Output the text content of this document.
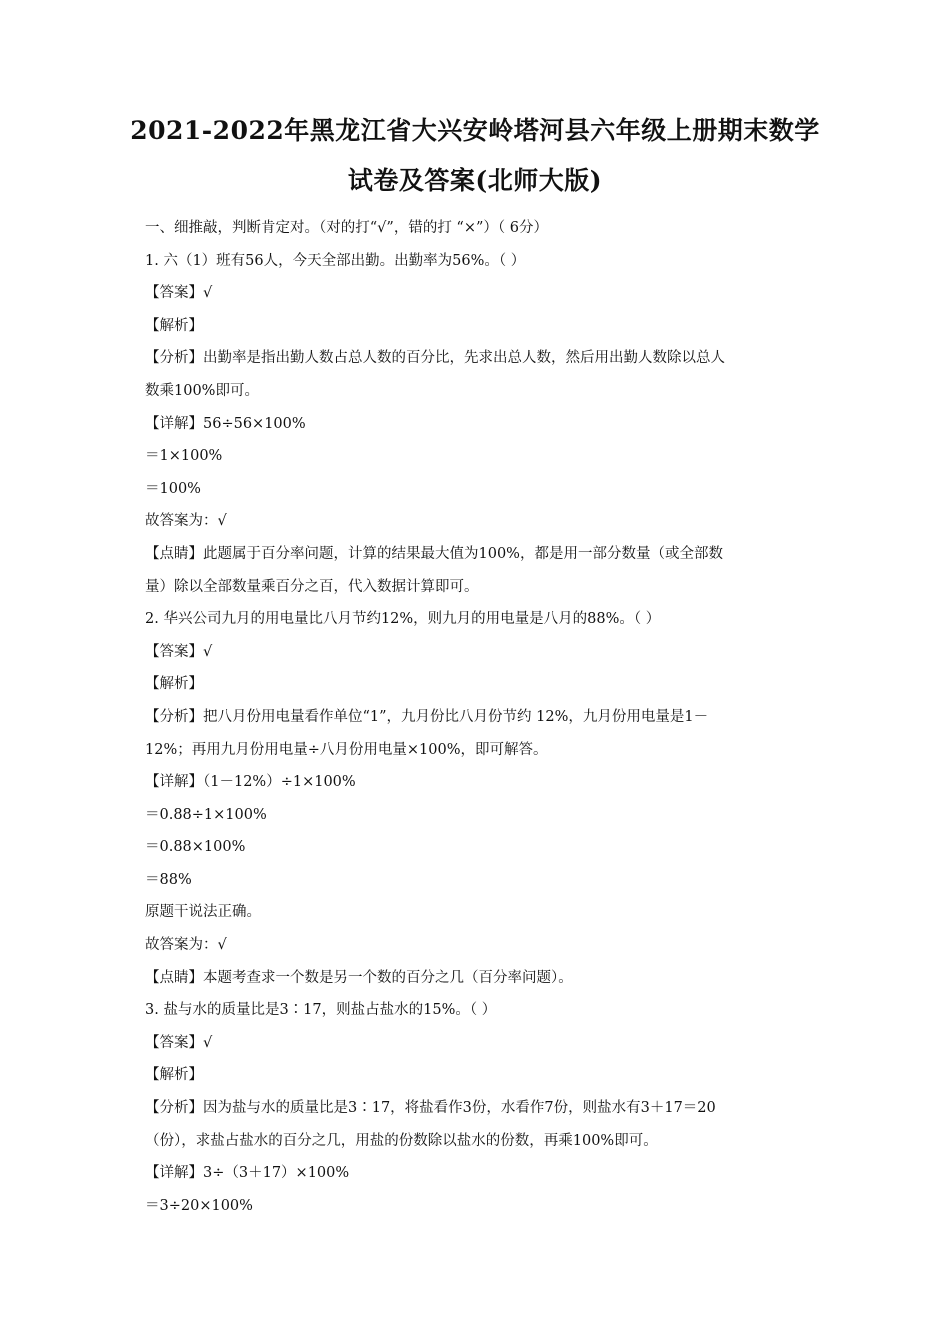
2021-2022年黑龙江省大兴安岭塔河县六年级上册期末数学
试卷及答案(北师大版)
一、细推敲，判断肯定对。（对的打“√”，错的打 “×”）（ 6分）
1. 六（1）班有56人，今天全部出勤。出勤率为56%。（ ）
【答案】√
【解析】
【分析】出勤率是指出勤人数占总人数的百分比，先求出总人数，然后用出勤人数除以总人
数乘100%即可。
【详解】56÷56×100%
＝1×100%
＝100%
故答案为：√
【点睛】此题属于百分率问题，计算的结果最大值为100%，都是用一部分数量（或全部数
量）除以全部数量乘百分之百，代入数据计算即可。
2. 华兴公司九月的用电量比八月节约12%，则九月的用电量是八月的88%。（ ）
【答案】√
【解析】
【分析】把八月份用电量看作单位“1”，九月份比八月份节约 12%，九月份用电量是1－
12%；再用九月份用电量÷八月份用电量×100%，即可解答。
【详解】（1－12%）÷1×100%
＝0.88÷1×100%
＝0.88×100%
＝88%
原题干说法正确。
故答案为：√
【点睛】本题考查求一个数是另一个数的百分之几（百分率问题）。
3. 盐与水的质量比是3∶17，则盐占盐水的15%。（ ）
【答案】√
【解析】
【分析】因为盐与水的质量比是3∶17，将盐看作3份，水看作7份，则盐水有3＋17＝20
（份），求盐占盐水的百分之几，用盐的份数除以盐水的份数，再乘100%即可。
【详解】3÷（3＋17）×100%
＝3÷20×100%
